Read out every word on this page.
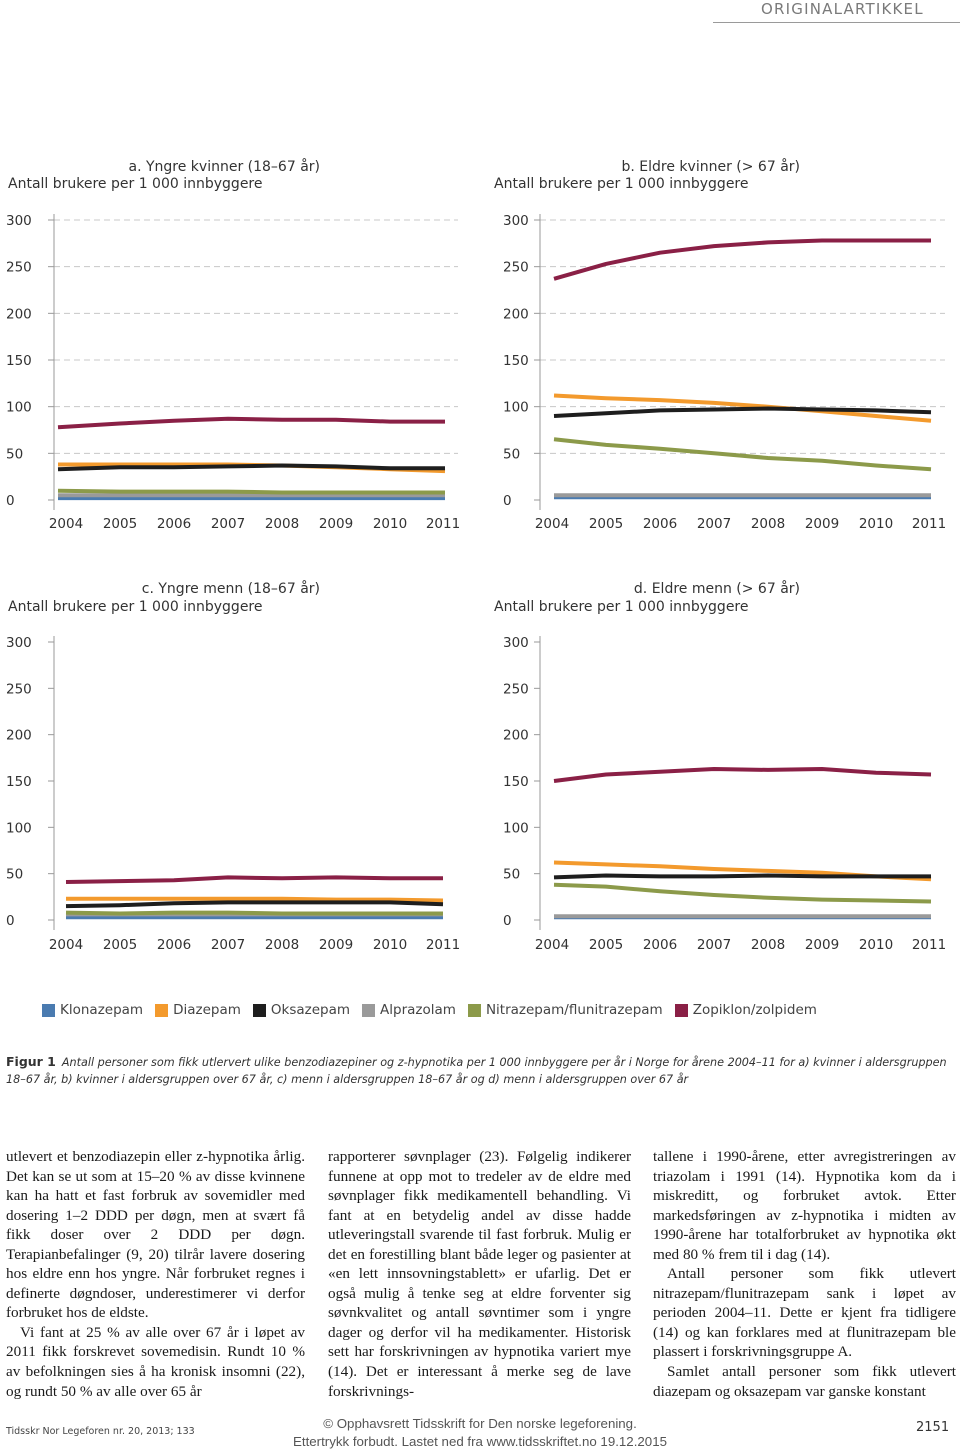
ORIGINALARTIKKEL
a. Yngre kvinner (18–67 år)
Antall brukere per 1 000 innbyggere
0
50
100
150
200
250
300
2004 2005 2006 2007 2008 2009 2010 2011
b. Eldre kvinner (> 67 år)
Antall brukere per 1 000 innbyggere
0
50
100
150
200
250
300
2004 2005 2006 2007 2008 2009 2010 2011
c. Yngre menn (18–67 år)
Antall brukere per 1 000 innbyggere
0
50
100
150
200
250
300
2004 2005 2006 2007 2008 2009 2010 2011
d. Eldre menn (> 67 år)
Antall brukere per 1 000 innbyggere
0
50
100
150
200
250
300
2004 2005 2006 2007 2008 2009 2010 2011
Klonazepam Diazepam Oksazepam Alprazolam Nitrazepam/flunitrazepam Zopiklon/zolpidem
Figur 1 Antall personer som fikk utlervert ulike benzodiazepiner og z-hypnotika per 1 000 innbyggere per år i Norge for årene 2004–11 for a) kvinner i aldersgruppen 18–67 år, b) kvinner i aldersgruppen over 67 år, c) menn i aldersgruppen 18–67 år og d) menn i aldersgruppen over 67 år

utlevert et benzodiazepin eller z-hypnotika årlig. Det kan se ut som at 15–20 % av disse kvinnene kan ha hatt et fast forbruk av sovemidler med dosering 1–2 DDD per døgn, men at svært få fikk doser over 2 DDD per døgn. Terapianbefalinger (9, 20) tilrår lavere dosering hos eldre enn hos yngre. Når forbruket regnes i definerte døgndoser, underestimerer vi derfor forbruket hos de eldste.

Vi fant at 25 % av alle over 67 år i løpet av 2011 fikk forskrevet sovemedisin. Rundt 10 % av befolkningen sies å ha kronisk insomni (22), og rundt 50 % av alle over 65 år

rapporterer søvnplager (23). Følgelig indikerer funnene at opp mot to tredeler av de eldre med søvnplager fikk medikamentell behandling. Vi fant at en betydelig andel av disse hadde utleveringstall svarende til fast forbruk. Mulig er det en forestilling blant både leger og pasienter at «en lett innsovningstablett» er ufarlig. Det er også mulig å tenke seg at eldre forventer sig søvnkvalitet og antall søvntimer som i yngre dager og derfor vil ha medikamenter. Historisk sett har forskrivningen av hypnotika variert mye (14). Det er interessant å merke seg de lave forskrivnings-

tallene i 1990-årene, etter avregistreringen av triazolam i 1991 (14). Hypnotika kom da i miskreditt, og forbruket avtok. Etter markedsføringen av z-hypnotika i midten av 1990-årene har totalforbruket av hypnotika økt med 80 % frem til i dag (14).

Antall personer som fikk utlevert nitrazepam/flunitrazepam sank i løpet av perioden 2004–11. Dette er kjent fra tidligere (14) og kan forklares med at flunitrazepam ble plassert i forskrivningsgruppe A.

Samlet antall personer som fikk utlevert diazepam og oksazepam var ganske konstant

Tidsskr Nor Legeforen nr. 20, 2013; 133
© Opphavsrett Tidsskrift for Den norske legeforening.
Ettertrykk forbudt. Lastet ned fra www.tidsskriftet.no 19.12.2015
2151
